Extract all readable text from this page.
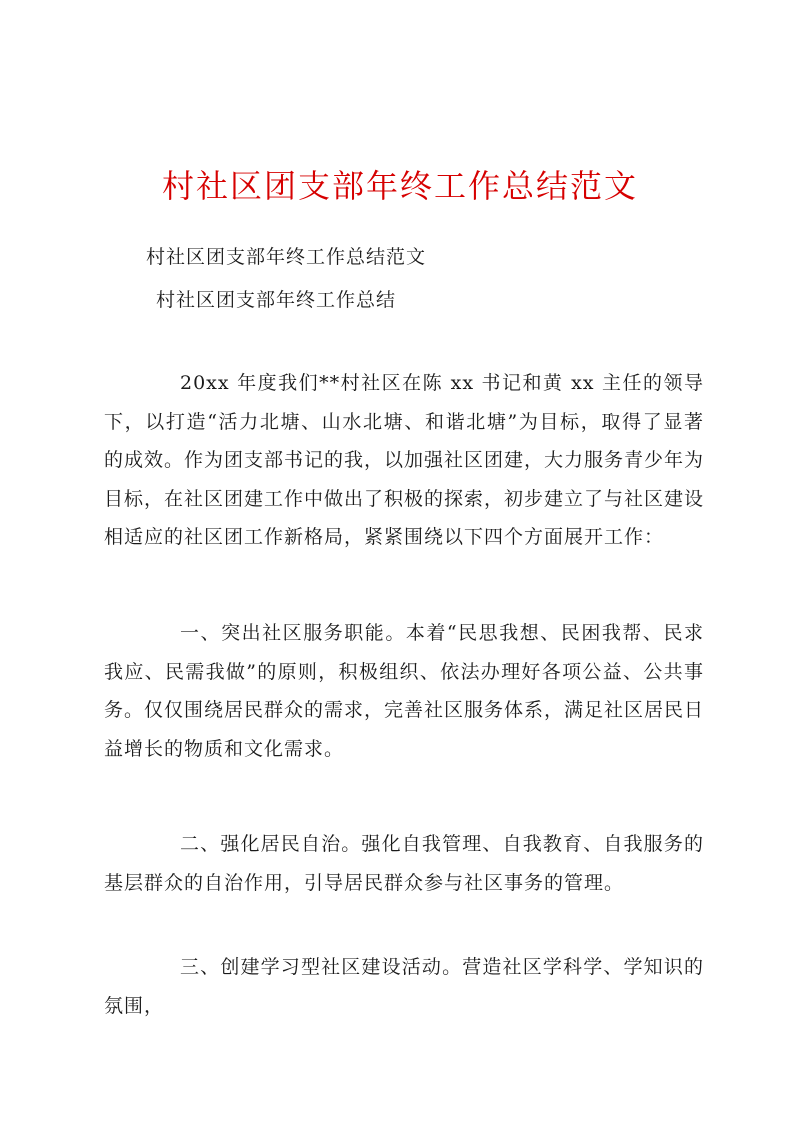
村社区团支部年终工作总结范文
村社区团支部年终工作总结范文
村社区团支部年终工作总结
20xx 年度我们**村社区在陈 xx 书记和黄 xx 主任的领导下，以打造“活力北塘、山水北塘、和谐北塘”为目标，取得了显著的成效。作为团支部书记的我，以加强社区团建，大力服务青少年为目标，在社区团建工作中做出了积极的探索，初步建立了与社区建设相适应的社区团工作新格局，紧紧围绕以下四个方面展开工作：
一、突出社区服务职能。本着“民思我想、民困我帮、民求我应、民需我做”的原则，积极组织、依法办理好各项公益、公共事务。仅仅围绕居民群众的需求，完善社区服务体系，满足社区居民日益增长的物质和文化需求。
二、强化居民自治。强化自我管理、自我教育、自我服务的基层群众的自治作用，引导居民群众参与社区事务的管理。
三、创建学习型社区建设活动。营造社区学科学、学知识的氛围，
